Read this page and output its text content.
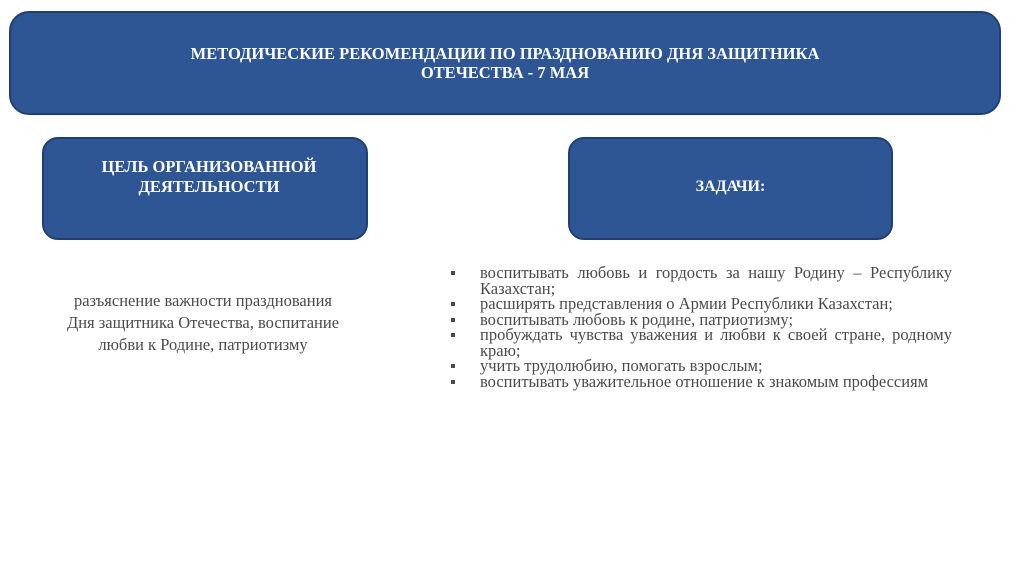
МЕТОДИЧЕСКИЕ РЕКОМЕНДАЦИИ ПО ПРАЗДНОВАНИЮ ДНЯ ЗАЩИТНИКА
ОТЕЧЕСТВА - 7 МАЯ
ЦЕЛЬ ОРГАНИЗОВАННОЙ
ДЕЯТЕЛЬНОСТИ	ЗАДАЧИ:
разъяснение важности празднования
Дня защитника Отечества, воспитание
любви к Родине, патриотизму
воспитывать любовь и гордость за нашу Родину – Республику Казахстан;
расширять представления о Армии Республики Казахстан;
воспитывать любовь к родине, патриотизму;
пробуждать чувства уважения и любви к своей стране, родному краю;
учить трудолюбию, помогать взрослым;
воспитывать уважительное отношение к знакомым профессиям
